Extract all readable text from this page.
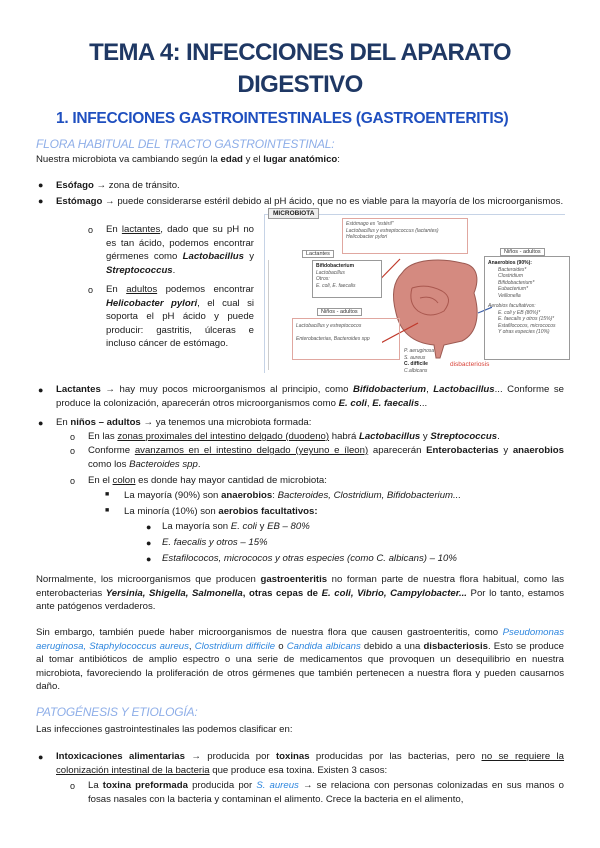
TEMA 4: INFECCIONES DEL APARATO
DIGESTIVO
1. INFECCIONES GASTROINTESTINALES (GASTROENTERITIS)
FLORA HABITUAL DEL TRACTO GASTROINTESTINAL:
Nuestra microbiota va cambiando según la edad y el lugar anatómico:
● Esófago → zona de tránsito.
● Estómago → puede considerarse estéril debido al pH ácido, que no es viable para la mayoría de los microorganismos.
o En lactantes, dado que su pH no es tan ácido, podemos encontrar gérmenes como Lactobacillus y Streptococcus.
o En adultos podemos encontrar Helicobacter pylori, el cual si soporta el pH ácido y puede producir: gastritis, úlceras e incluso cáncer de estómago.
MICROBIOTA
Estómago es "estéril"
Lactobacillus y estreptococcus (lactantes)
Helicobacter pylori
Lactantes
Bifidobacterium
Lactobacillus
Otros:
E. coli, E. faecalis
Niños - adultos
Lactobacillus y estreptococos
Enterobacterias, Bacteroides spp
P. aeruginosa
S. aureus
C. difficile
C.albicans
disbacteriosis
Niños - adultos
Anaerobios (90%):
Bacteroides*
Clostridium
Bifidobacterium*
Eubacterium*
Veillonella
Aerobios facultativos:
E. coli y EB (80%)*
E. faecalis y otros (15%)*
Estafilococos, micrococos
Y otras especies (10%)
● Lactantes → hay muy pocos microorganismos al principio, como Bifidobacterium, Lactobacillus... Conforme se produce la colonización, aparecerán otros microorganismos como E. coli, E. faecalis...
● En niños – adultos → ya tenemos una microbiota formada:
o En las zonas proximales del intestino delgado (duodeno) habrá Lactobacillus y Streptococcus.
o Conforme avanzamos en el intestino delgado (yeyuno e íleon) aparecerán Enterobacterias y anaerobios como los Bacteroides spp.
o En el colon es donde hay mayor cantidad de microbiota:
■ La mayoría (90%) son anaerobios: Bacteroides, Clostridium, Bifidobacterium...
■ La minoría (10%) son aerobios facultativos:
● La mayoría son E. coli y EB – 80%
● E. faecalis y otros – 15%
● Estafilococos, micrococos y otras especies (como C. albicans) – 10%
Normalmente, los microorganismos que producen gastroenteritis no forman parte de nuestra flora habitual, como las enterobacterias Yersinia, Shigella, Salmonella, otras cepas de E. coli, Vibrio, Campylobacter... Por lo tanto, estamos ante patógenos verdaderos.
Sin embargo, también puede haber microorganismos de nuestra flora que causen gastroenteritis, como Pseudomonas aeruginosa, Staphylococcus aureus, Clostridium difficile o Candida albicans debido a una disbacteriosis. Esto se produce al tomar antibióticos de amplio espectro o una serie de medicamentos que provoquen un desequilibrio en nuestra microbiota, favoreciendo la proliferación de otros gérmenes que también pertenecen a nuestra flora y pueden causarnos daño.
PATOGÉNESIS Y ETIOLOGÍA:
Las infecciones gastrointestinales las podemos clasificar en:
● Intoxicaciones alimentarias → producida por toxinas producidas por las bacterias, pero no se requiere la colonización intestinal de la bacteria que produce esa toxina. Existen 3 casos:
o La toxina preformada producida por S. aureus → se relaciona con personas colonizadas en sus manos o fosas nasales con la bacteria y contaminan el alimento. Crece la bacteria en el alimento,
